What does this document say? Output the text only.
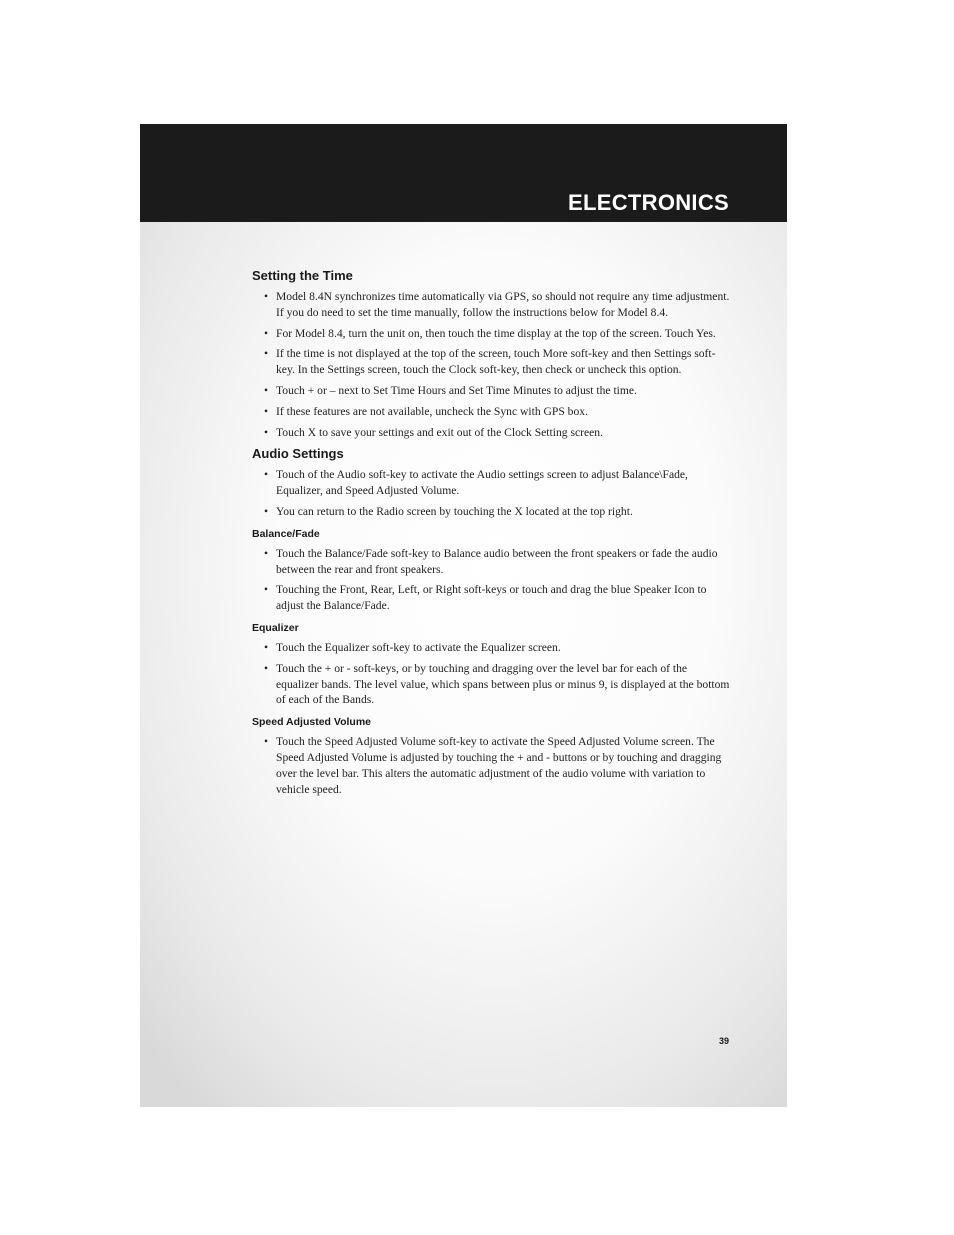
ELECTRONICS
Setting the Time
• Model 8.4N synchronizes time automatically via GPS, so should not require any time adjustment. If you do need to set the time manually, follow the instructions below for Model 8.4.
• For Model 8.4, turn the unit on, then touch the time display at the top of the screen. Touch Yes.
• If the time is not displayed at the top of the screen, touch More soft-key and then Settings soft-key. In the Settings screen, touch the Clock soft-key, then check or uncheck this option.
• Touch + or – next to Set Time Hours and Set Time Minutes to adjust the time.
• If these features are not available, uncheck the Sync with GPS box.
• Touch X to save your settings and exit out of the Clock Setting screen.
Audio Settings
• Touch of the Audio soft-key to activate the Audio settings screen to adjust Balance\Fade, Equalizer, and Speed Adjusted Volume.
• You can return to the Radio screen by touching the X located at the top right.
Balance/Fade
• Touch the Balance/Fade soft-key to Balance audio between the front speakers or fade the audio between the rear and front speakers.
• Touching the Front, Rear, Left, or Right soft-keys or touch and drag the blue Speaker Icon to adjust the Balance/Fade.
Equalizer
• Touch the Equalizer soft-key to activate the Equalizer screen.
• Touch the + or - soft-keys, or by touching and dragging over the level bar for each of the equalizer bands. The level value, which spans between plus or minus 9, is displayed at the bottom of each of the Bands.
Speed Adjusted Volume
• Touch the Speed Adjusted Volume soft-key to activate the Speed Adjusted Volume screen. The Speed Adjusted Volume is adjusted by touching the + and - buttons or by touching and dragging over the level bar. This alters the automatic adjustment of the audio volume with variation to vehicle speed.
39
